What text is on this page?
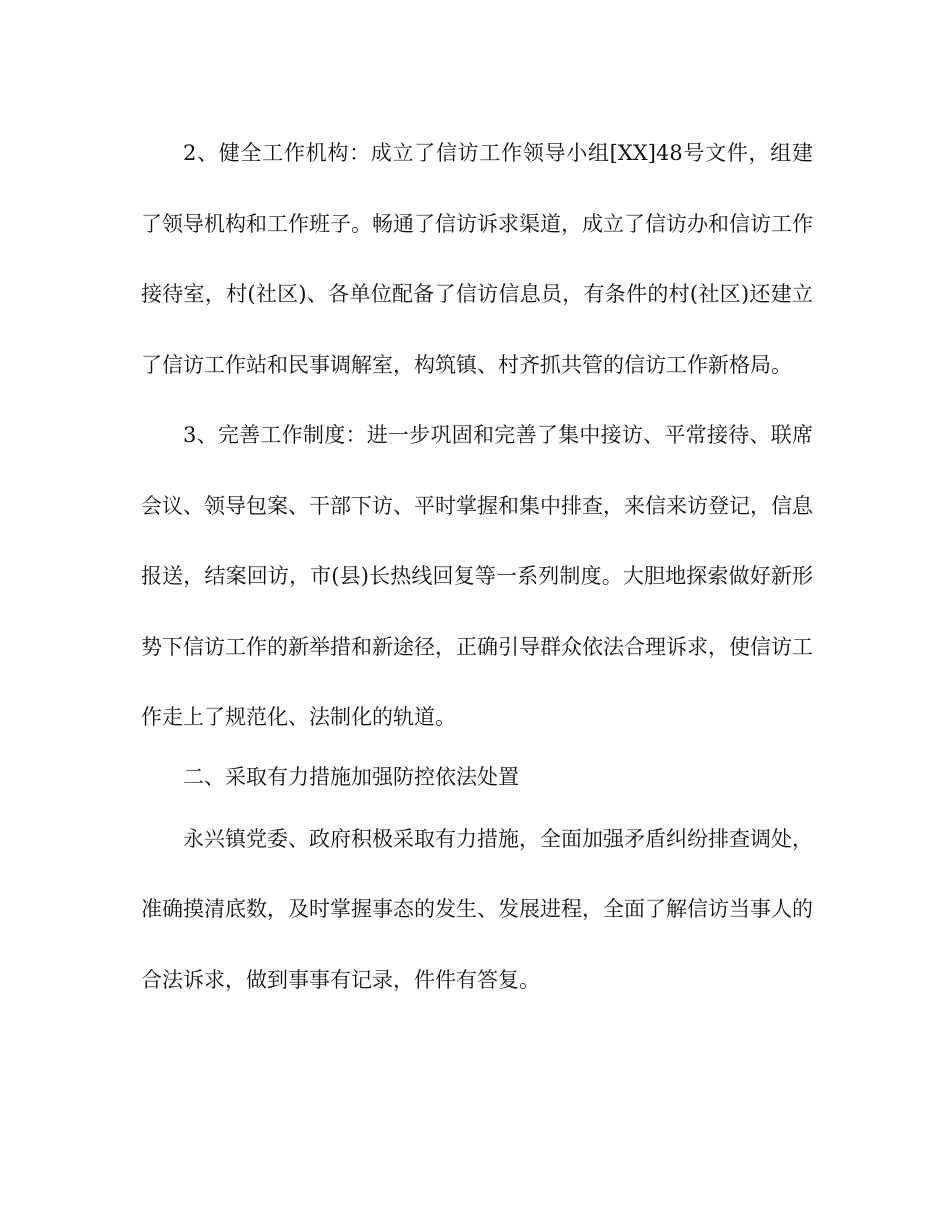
2、健全工作机构：成立了信访工作领导小组[XX]48号文件，组建了领导机构和工作班子。畅通了信访诉求渠道，成立了信访办和信访工作接待室，村(社区)、各单位配备了信访信息员，有条件的村(社区)还建立了信访工作站和民事调解室，构筑镇、村齐抓共管的信访工作新格局。

3、完善工作制度：进一步巩固和完善了集中接访、平常接待、联席会议、领导包案、干部下访、平时掌握和集中排查，来信来访登记，信息报送，结案回访，市(县)长热线回复等一系列制度。大胆地探索做好新形势下信访工作的新举措和新途径，正确引导群众依法合理诉求，使信访工作走上了规范化、法制化的轨道。

二、采取有力措施加强防控依法处置

永兴镇党委、政府积极采取有力措施，全面加强矛盾纠纷排查调处，准确摸清底数，及时掌握事态的发生、发展进程，全面了解信访当事人的合法诉求，做到事事有记录，件件有答复。
